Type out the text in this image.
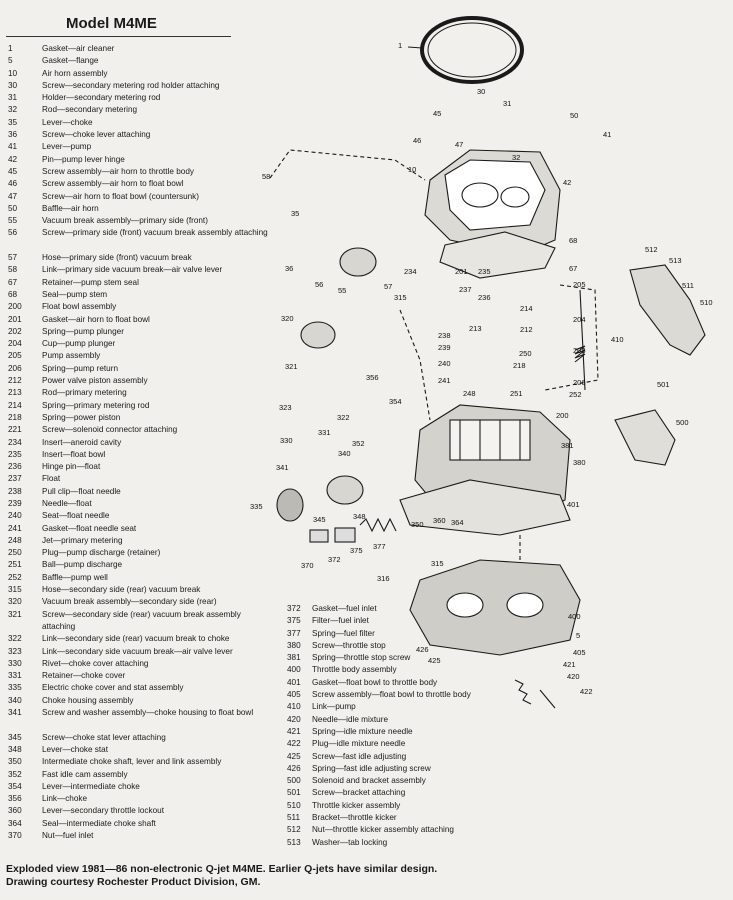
Model M4ME
1	Gasket—air cleaner
5	Gasket—flange
10	Air horn assembly
30	Screw—secondary metering rod holder attaching
31	Holder—secondary metering rod
32	Rod—secondary metering
35	Lever—choke
36	Screw—choke lever attaching
41	Lever—pump
42	Pin—pump lever hinge
45	Screw assembly—air horn to throttle body
46	Screw assembly—air horn to float bowl
47	Screw—air horn to float bowl (countersunk)
50	Baffle—air horn
55	Vacuum break assembly—primary side (front)
56	Screw—primary side (front) vacuum break assembly attaching
57	Hose—primary side (front) vacuum break
58	Link—primary side vacuum break—air valve lever
67	Retainer—pump stem seal
68	Seal—pump stem
200	Float bowl assembly
201	Gasket—air horn to float bowl
202	Spring—pump plunger
204	Cup—pump plunger
205	Pump assembly
206	Spring—pump return
212	Power valve piston assembly
213	Rod—primary metering
214	Spring—primary metering rod
218	Spring—power piston
221	Screw—solenoid connector attaching
234	Insert—aneroid cavity
235	Insert—float bowl
236	Hinge pin—float
237	Float
238	Pull clip—float needle
239	Needle—float
240	Seat—float needle
241	Gasket—float needle seat
248	Jet—primary metering
250	Plug—pump discharge (retainer)
251	Ball—pump discharge
252	Baffle—pump well
315	Hose—secondary side (rear) vacuum break
320	Vacuum break assembly—secondary side (rear)
321	Screw—secondary side (rear) vacuum break assembly attaching
322	Link—secondary side (rear) vacuum break to choke
323	Link—secondary side vacuum break—air valve lever
330	Rivet—choke cover attaching
331	Retainer—choke cover
335	Electric choke cover and stat assembly
340	Choke housing assembly
341	Screw and washer assembly—choke housing to float bowl
345	Screw—choke stat lever attaching
348	Lever—choke stat
350	Intermediate choke shaft, lever and link assembly
352	Fast idle cam assembly
354	Lever—intermediate choke
356	Link—choke
360	Lever—secondary throttle lockout
364	Seal—intermediate choke shaft
370	Nut—fuel inlet
372	Gasket—fuel inlet
375	Filter—fuel inlet
377	Spring—fuel filter
380	Screw—throttle stop
381	Spring—throttle stop screw
400	Throttle body assembly
401	Gasket—float bowl to throttle body
405	Screw assembly—float bowl to throttle body
410	Link—pump
420	Needle—idle mixture
421	Spring—idle mixture needle
422	Plug—idle mixture needle
425	Screw—fast idle adjusting
426	Spring—fast idle adjusting screw
500	Solenoid and bracket assembly
501	Screw—bracket attaching
510	Throttle kicker assembly
511	Bracket—throttle kicker
512	Nut—throttle kicker assembly attaching
513	Washer—tab locking
1
30
31
50
45
46	47
41
32
10
42
58
35
36
56
55	57
68
67
512
513
511
510
234	201 235
237
236
214
212
205
204
203
410
315
320
213
238
239
240
250
218
241
248	251
206
252
321
356
501
500
323
354
322	200
330
331
352	381
380
341
340
401
335
345	348	360 364
350
370
372
375 377
316
315
400
5
426
425
405
421
420
422
Exploded view 1981—86 non-electronic Q-jet M4ME. Earlier Q-jets have similar design.
Drawing courtesy Rochester Product Division, GM.
